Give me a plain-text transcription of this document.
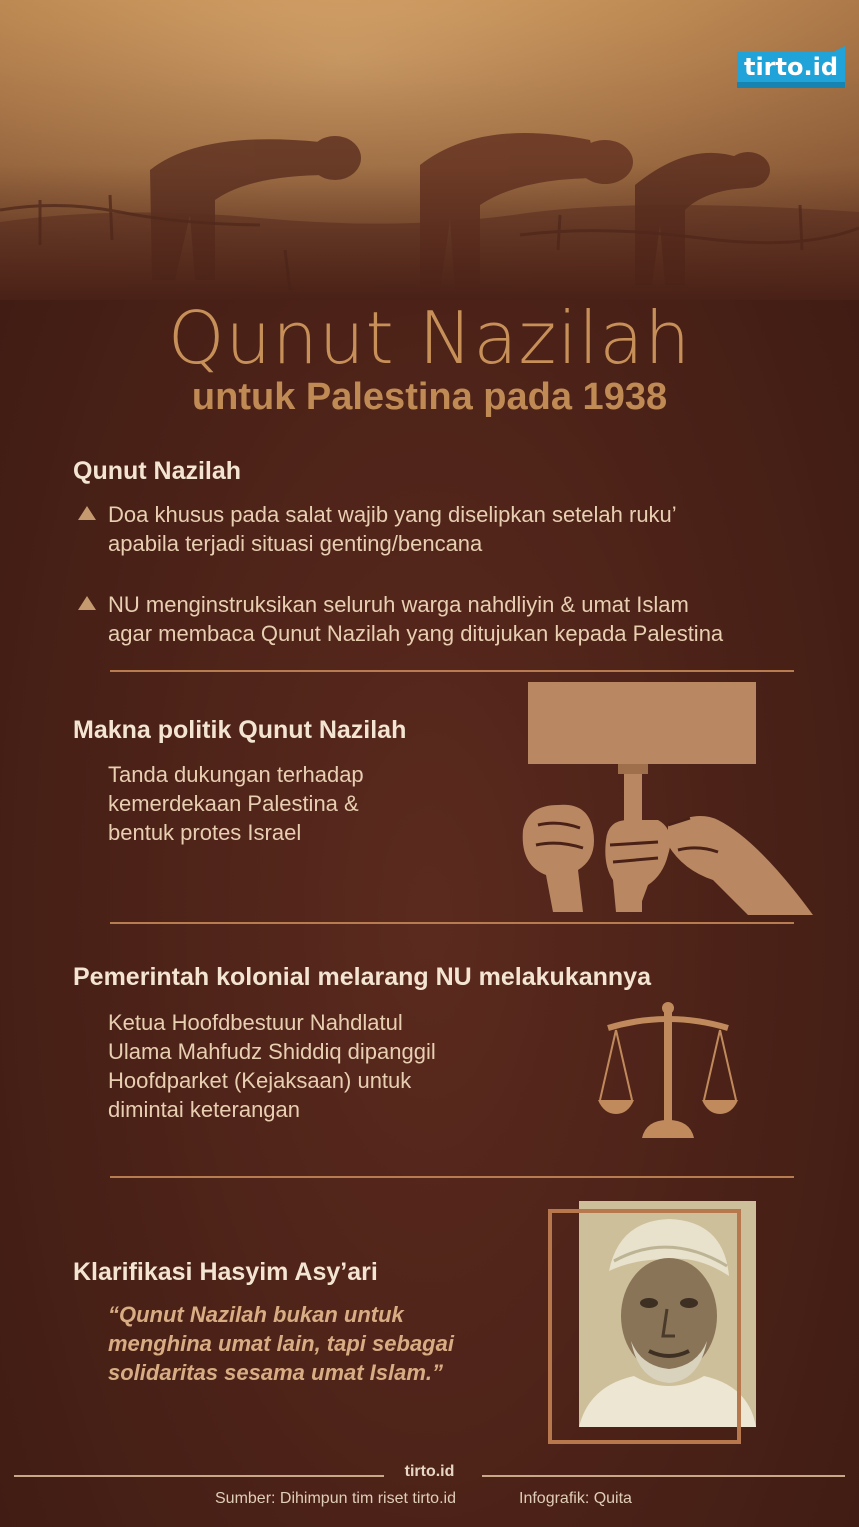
tirto.id
Qunut Nazilah
untuk Palestina pada 1938
Qunut Nazilah
Doa khusus pada salat wajib yang diselipkan setelah ruku’
apabila terjadi situasi genting/bencana
NU menginstruksikan seluruh warga nahdliyin & umat Islam
agar membaca Qunut Nazilah yang ditujukan kepada Palestina
Makna politik Qunut Nazilah
Tanda dukungan terhadap
kemerdekaan Palestina &
bentuk protes Israel
Pemerintah kolonial melarang NU melakukannya
Ketua Hoofdbestuur Nahdlatul
Ulama Mahfudz Shiddiq dipanggil
Hoofdparket (Kejaksaan) untuk
dimintai keterangan
Klarifikasi Hasyim Asy’ari
“Qunut Nazilah bukan untuk
menghina umat lain, tapi sebagai
solidaritas sesama umat Islam.”
tirto.id
Sumber: Dihimpun tim riset tirto.id	Infografik: Quita
